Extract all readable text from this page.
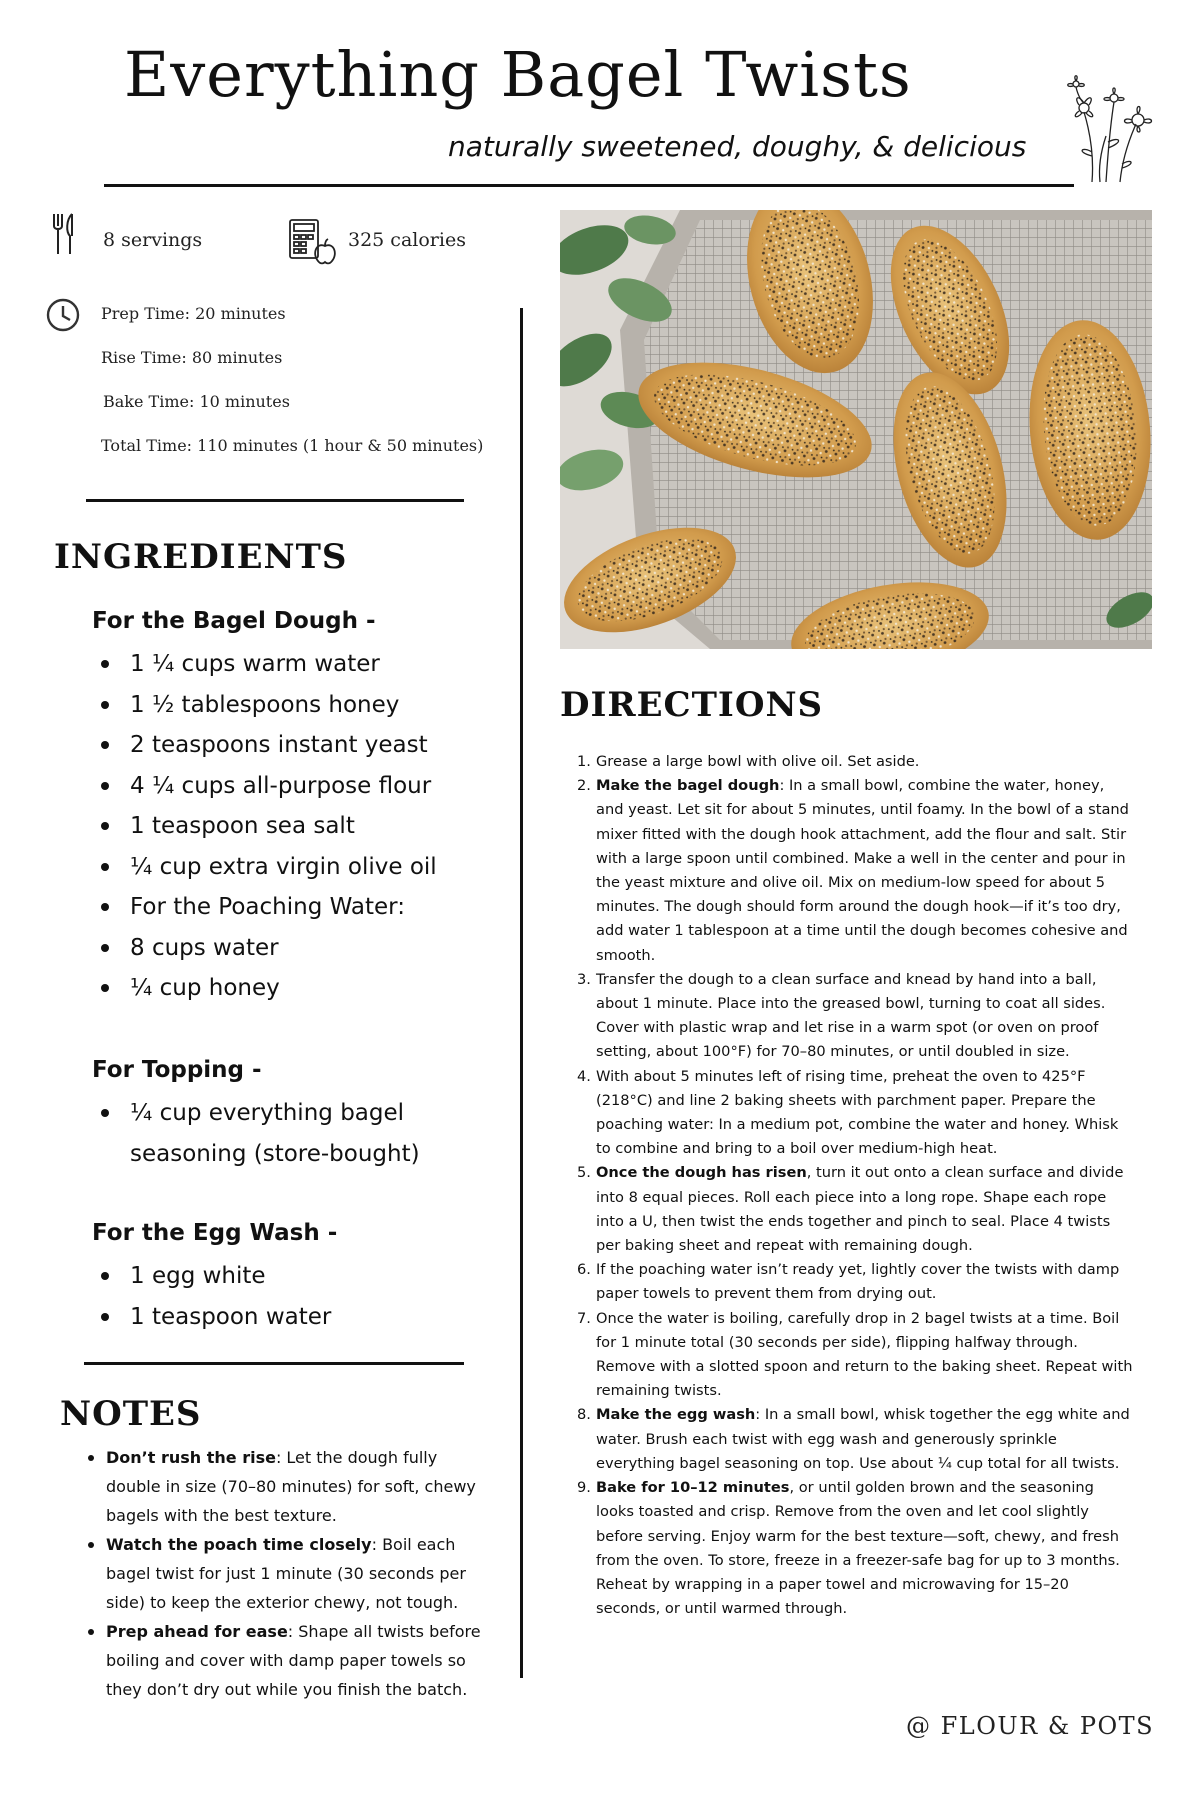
Everything Bagel Twists
naturally sweetened, doughy, & delicious
8 servings	325 calories
Prep Time: 20 minutes
Rise Time: 80 minutes
Bake Time: 10 minutes
Total Time: 110 minutes (1 hour & 50 minutes)
INGREDIENTS
For the Bagel Dough -
1 ¼ cups warm water
1 ½ tablespoons honey
2 teaspoons instant yeast
4 ¼ cups all-purpose flour
1 teaspoon sea salt
¼ cup extra virgin olive oil
For the Poaching Water:
8 cups water
¼ cup honey
For Topping -
¼ cup everything bagel seasoning (store-bought)
For the Egg Wash -
1 egg white
1 teaspoon water
NOTES
Don’t rush the rise: Let the dough fully double in size (70–80 minutes) for soft, chewy bagels with the best texture.
Watch the poach time closely: Boil each bagel twist for just 1 minute (30 seconds per side) to keep the exterior chewy, not tough.
Prep ahead for ease: Shape all twists before boiling and cover with damp paper towels so they don’t dry out while you finish the batch.
DIRECTIONS
1. Grease a large bowl with olive oil. Set aside.
2. Make the bagel dough: In a small bowl, combine the water, honey, and yeast. Let sit for about 5 minutes, until foamy. In the bowl of a stand mixer fitted with the dough hook attachment, add the flour and salt. Stir with a large spoon until combined. Make a well in the center and pour in the yeast mixture and olive oil. Mix on medium-low speed for about 5 minutes. The dough should form around the dough hook—if it’s too dry, add water 1 tablespoon at a time until the dough becomes cohesive and smooth.
3. Transfer the dough to a clean surface and knead by hand into a ball, about 1 minute. Place into the greased bowl, turning to coat all sides. Cover with plastic wrap and let rise in a warm spot (or oven on proof setting, about 100°F) for 70–80 minutes, or until doubled in size.
4. With about 5 minutes left of rising time, preheat the oven to 425°F (218°C) and line 2 baking sheets with parchment paper. Prepare the poaching water: In a medium pot, combine the water and honey. Whisk to combine and bring to a boil over medium-high heat.
5. Once the dough has risen, turn it out onto a clean surface and divide into 8 equal pieces. Roll each piece into a long rope. Shape each rope into a U, then twist the ends together and pinch to seal. Place 4 twists per baking sheet and repeat with remaining dough.
6. If the poaching water isn’t ready yet, lightly cover the twists with damp paper towels to prevent them from drying out.
7. Once the water is boiling, carefully drop in 2 bagel twists at a time. Boil for 1 minute total (30 seconds per side), flipping halfway through. Remove with a slotted spoon and return to the baking sheet. Repeat with remaining twists.
8. Make the egg wash: In a small bowl, whisk together the egg white and water. Brush each twist with egg wash and generously sprinkle everything bagel seasoning on top. Use about ¼ cup total for all twists.
9. Bake for 10–12 minutes, or until golden brown and the seasoning looks toasted and crisp. Remove from the oven and let cool slightly before serving. Enjoy warm for the best texture—soft, chewy, and fresh from the oven. To store, freeze in a freezer-safe bag for up to 3 months. Reheat by wrapping in a paper towel and microwaving for 15–20 seconds, or until warmed through.
@ FLOUR & POTS
